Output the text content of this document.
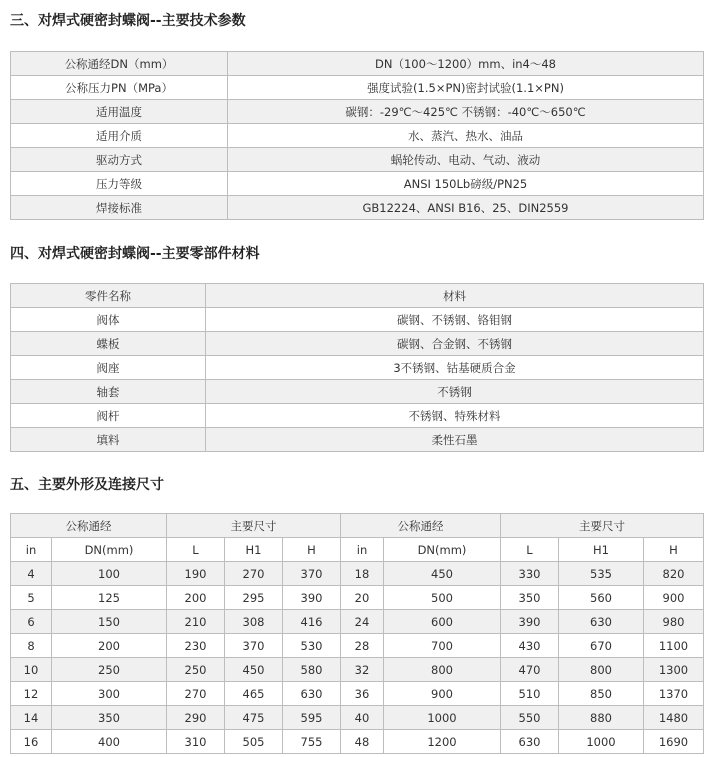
三、对焊式硬密封蝶阀--主要技术参数
公称通经DN（mm）	DN（100～1200）mm、in4～48
公称压力PN（MPa）	强度试验(1.5×PN)密封试验(1.1×PN)
适用温度	碳钢：-29℃～425℃ 不锈钢：-40℃～650℃
适用介质	水、蒸汽、热水、油品
驱动方式	蜗轮传动、电动、气动、液动
压力等级	ANSI 150Lb磅级/PN25
焊接标准	GB12224、ANSI B16、25、DIN2559
四、对焊式硬密封蝶阀--主要零部件材料
零件名称	材料
阀体	碳钢、不锈钢、铬钼钢
蝶板	碳钢、合金钢、不锈钢
阀座	3不锈钢、钴基硬质合金
轴套	不锈钢
阀杆	不锈钢、特殊材料
填料	柔性石墨
五、主要外形及连接尺寸
公称通经		主要尺寸			公称通经		主要尺寸		
in	DN(mm)	L	H1	H	in	DN(mm)	L	H1	H
4	100	190	270	370	18	450	330	535	820
5	125	200	295	390	20	500	350	560	900
6	150	210	308	416	24	600	390	630	980
8	200	230	370	530	28	700	430	670	1100
10	250	250	450	580	32	800	470	800	1300
12	300	270	465	630	36	900	510	850	1370
14	350	290	475	595	40	1000	550	880	1480
16	400	310	505	755	48	1200	630	1000	1690
